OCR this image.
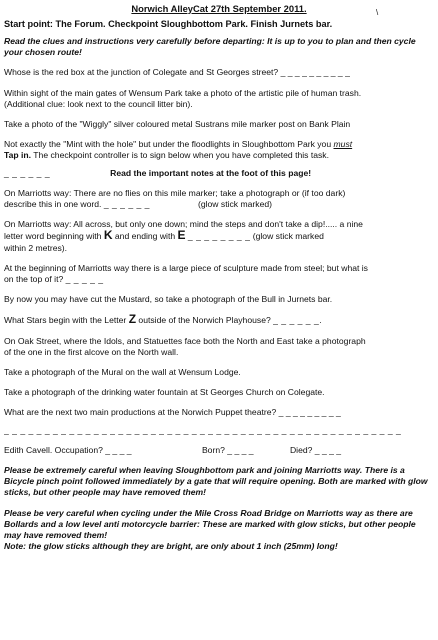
\

Norwich AlleyCat 27th September 2011.

Start point: The Forum. Checkpoint Sloughbottom Park. Finish Jurnets bar.

Read the clues and instructions very carefully before departing: It is up to you to plan and then cycle your chosen route!

Whose is the red box at the junction of Colegate and St Georges street? _ _ _ _ _ _ _ _ _ _

Within sight of the main gates of Wensum Park take a photo of the artistic pile of human trash.

(Additional clue: look next to the council litter bin).

Take a photo of the "Wiggly" silver coloured metal Sustrans mile marker post on Bank Plain

Not exactly the "Mint with the hole" but under the floodlights in Sloughbottom Park you must

Tap in. The checkpoint controller is to sign below when you have completed this task.

_ _ _ _ _ _	Read the important notes at the foot of this page!

On Marriotts way: There are no flies on this mile marker; take a photograph or (if too dark)

describe this in one word. _ _ _ _ _ _	(glow stick marked)

On Marriotts way: All across, but only one down; mind the steps and don't take a dip!..... a nine

letter word beginning with K and ending with E _ _ _ _ _ _ _ _ (glow stick marked

within 2 metres).

At the beginning of Marriotts way there is a large piece of sculpture made from steel; but what is

on the top of it? _ _ _ _ _

By now you may have cut the Mustard, so take a photograph of the Bull in Jurnets bar.

What Stars begin with the Letter Z outside of the Norwich Playhouse? _ _ _ _ _ _.

On Oak Street, where the Idols, and Statuettes face both the North and East take a photograph

of the one in the first alcove on the North wall.

Take a photograph of the Mural on the wall at Wensum Lodge.

Take a photograph of the drinking water fountain at St Georges Church on Colegate.

What are the next two main productions at the Norwich Puppet theatre? _ _ _ _ _ _ _ _ _

_ _ _ _ _ _ _ _ _ _ _ _ _ _ _ _ _ _ _ _ _ _ _ _ _ _ _ _ _ _ _ _ _ _ _ _ _ _ _ _ _ _ _ _ _ _ _ _ _

Edith Cavell. Occupation? _ _ _ _	Born? _ _ _ _	Died? _ _ _ _

Please be extremely careful when leaving Sloughbottom park and joining Marriotts way. There is a Bicycle pinch point followed immediately by a gate that will require opening. Both are marked with glow sticks, but other people may have removed them!

Please be very careful when cycling under the Mile Cross Road Bridge on Marriotts way as there are Bollards and a low level anti motorcycle barrier: These are marked with glow sticks, but other people may have removed them!

Note: the glow sticks although they are bright, are only about 1 inch (25mm) long!
